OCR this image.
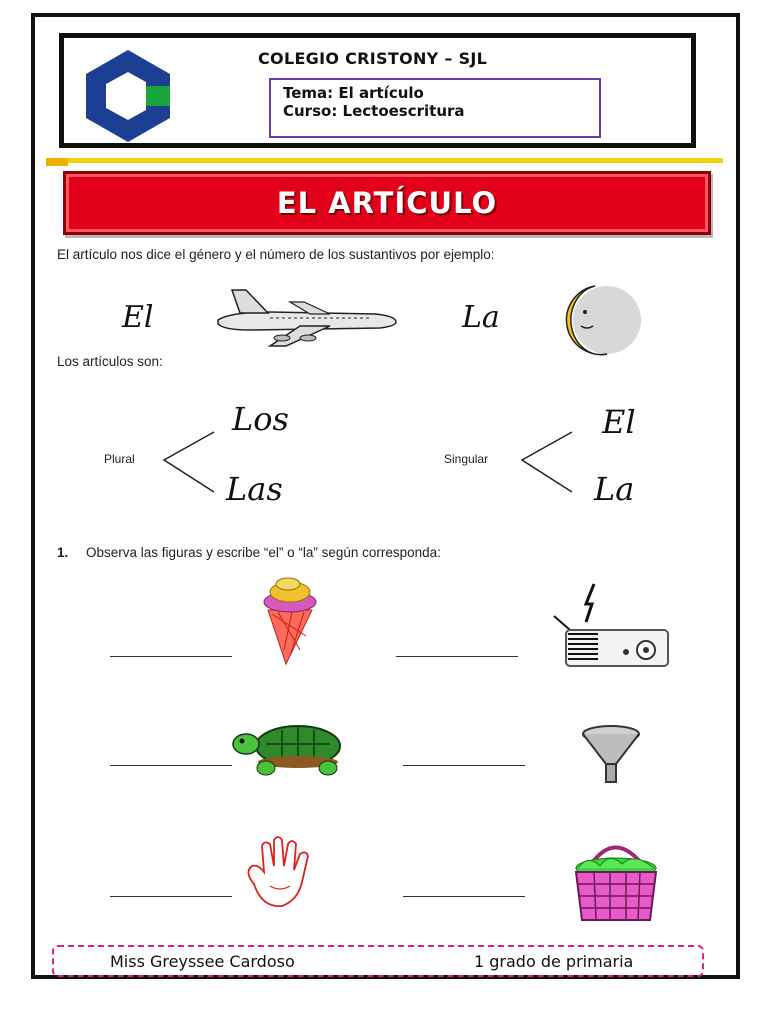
COLEGIO CRISTONY – SJL
Tema: El artículo
Curso: Lectoescritura
EL ARTÍCULO
El artículo nos dice el género y el número de los sustantivos por ejemplo:
El	La
Los artículos son:
Plural
Los
Las
Singular
El
La
1. Observa las figuras y escribe “el” o “la” según corresponda:
Miss Greyssee Cardoso	1 grado de primaria
